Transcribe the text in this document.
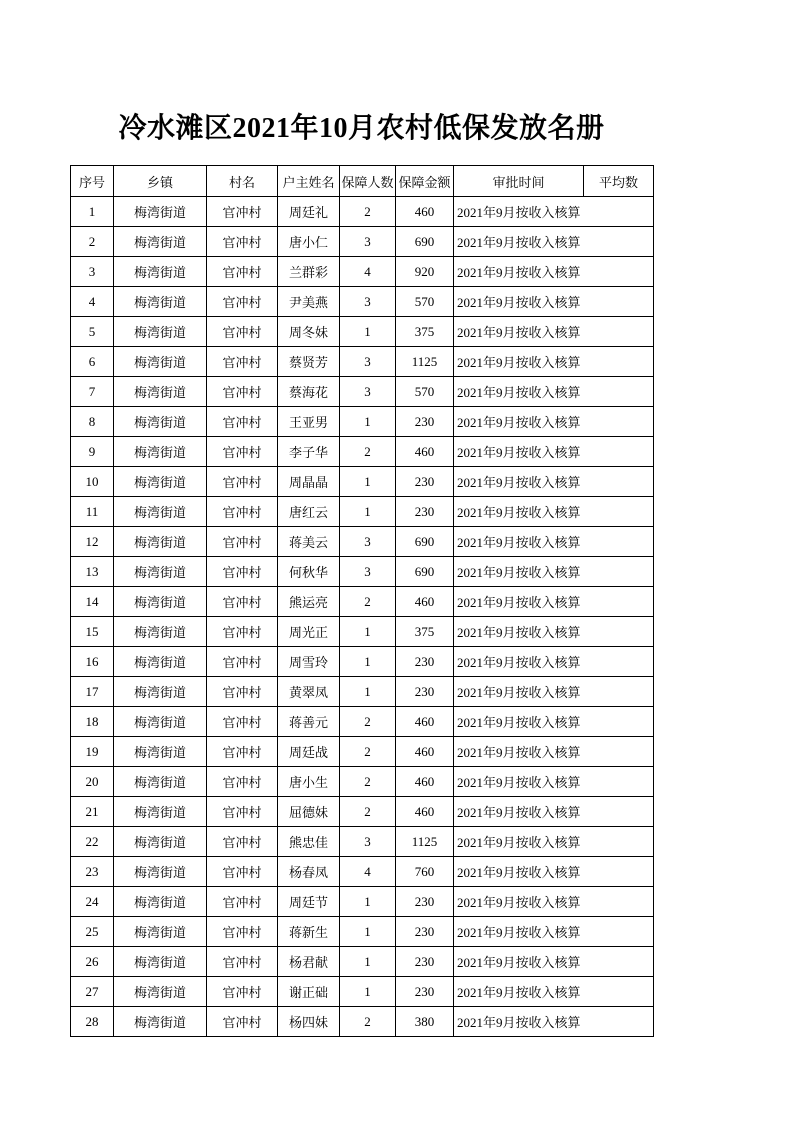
冷水滩区2021年10月农村低保发放名册
序号	乡镇	村名	户主姓名	保障人数	保障金额	审批时间	平均数
1	梅湾街道	官冲村	周廷礼	2	460	2021年9月按收入核算	
2	梅湾街道	官冲村	唐小仁	3	690	2021年9月按收入核算	
3	梅湾街道	官冲村	兰群彩	4	920	2021年9月按收入核算	
4	梅湾街道	官冲村	尹美燕	3	570	2021年9月按收入核算	
5	梅湾街道	官冲村	周冬妹	1	375	2021年9月按收入核算	
6	梅湾街道	官冲村	蔡贤芳	3	1125	2021年9月按收入核算	
7	梅湾街道	官冲村	蔡海花	3	570	2021年9月按收入核算	
8	梅湾街道	官冲村	王亚男	1	230	2021年9月按收入核算	
9	梅湾街道	官冲村	李子华	2	460	2021年9月按收入核算	
10	梅湾街道	官冲村	周晶晶	1	230	2021年9月按收入核算	
11	梅湾街道	官冲村	唐红云	1	230	2021年9月按收入核算	
12	梅湾街道	官冲村	蒋美云	3	690	2021年9月按收入核算	
13	梅湾街道	官冲村	何秋华	3	690	2021年9月按收入核算	
14	梅湾街道	官冲村	熊运亮	2	460	2021年9月按收入核算	
15	梅湾街道	官冲村	周光正	1	375	2021年9月按收入核算	
16	梅湾街道	官冲村	周雪玲	1	230	2021年9月按收入核算	
17	梅湾街道	官冲村	黄翠凤	1	230	2021年9月按收入核算	
18	梅湾街道	官冲村	蒋善元	2	460	2021年9月按收入核算	
19	梅湾街道	官冲村	周廷战	2	460	2021年9月按收入核算	
20	梅湾街道	官冲村	唐小生	2	460	2021年9月按收入核算	
21	梅湾街道	官冲村	屈德妹	2	460	2021年9月按收入核算	
22	梅湾街道	官冲村	熊忠佳	3	1125	2021年9月按收入核算	
23	梅湾街道	官冲村	杨春凤	4	760	2021年9月按收入核算	
24	梅湾街道	官冲村	周廷节	1	230	2021年9月按收入核算	
25	梅湾街道	官冲村	蒋新生	1	230	2021年9月按收入核算	
26	梅湾街道	官冲村	杨君献	1	230	2021年9月按收入核算	
27	梅湾街道	官冲村	谢正础	1	230	2021年9月按收入核算	
28	梅湾街道	官冲村	杨四妹	2	380	2021年9月按收入核算	
